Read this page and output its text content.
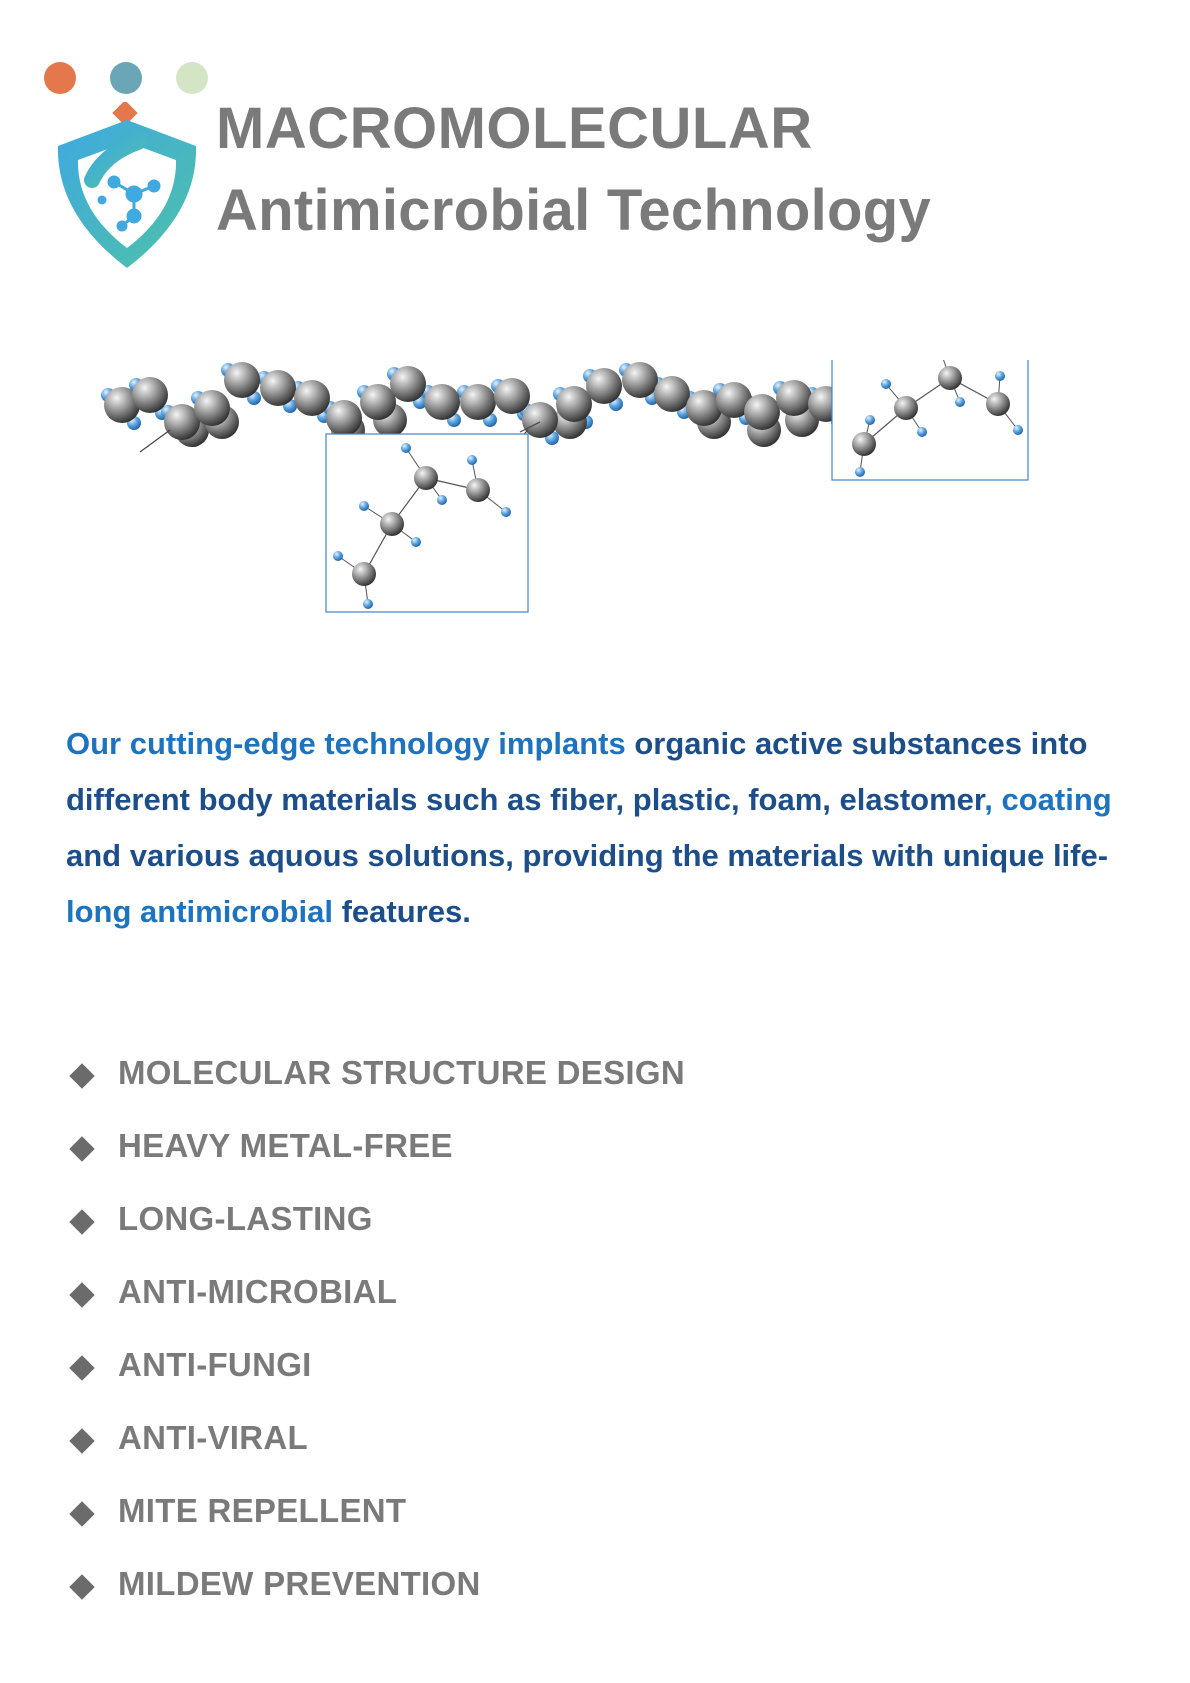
MACROMOLECULAR
Antimicrobial Technology
Our cutting-edge technology implants organic active substances into
different body materials such as fiber, plastic, foam, elastomer, coating
and various aquous solutions, providing the materials with unique life-
long antimicrobial features.
MOLECULAR STRUCTURE DESIGN
HEAVY METAL-FREE
LONG-LASTING
ANTI-MICROBIAL
ANTI-FUNGI
ANTI-VIRAL
MITE REPELLENT
MILDEW PREVENTION
